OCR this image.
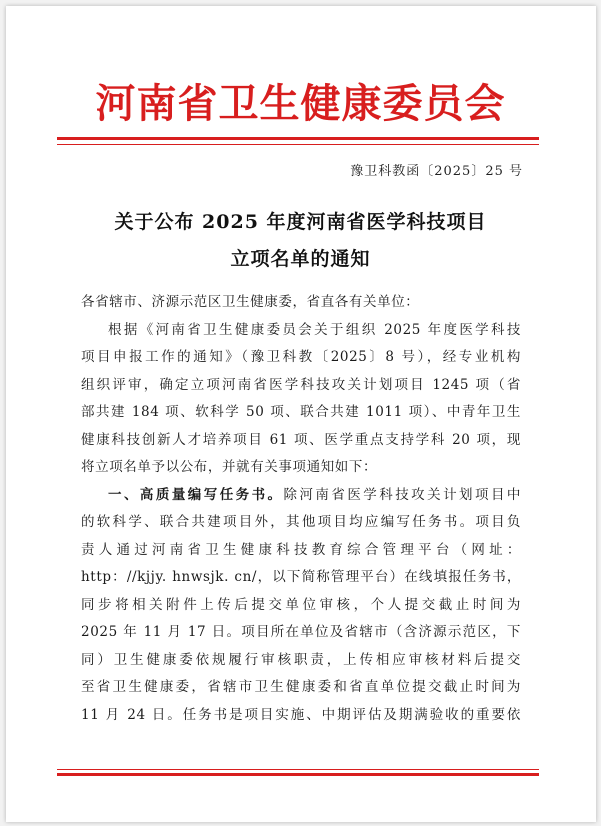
河南省卫生健康委员会
豫卫科教函〔2025〕25 号
关于公布 2025 年度河南省医学科技项目
立项名单的通知
各省辖市、济源示范区卫生健康委，省直各有关单位：
根据《河南省卫生健康委员会关于组织 2025 年度医学科技
项目申报工作的通知》（豫卫科教〔2025〕8 号），经专业机构
组织评审，确定立项河南省医学科技攻关计划项目 1245 项（省
部共建 184 项、软科学 50 项、联合共建 1011 项）、中青年卫生
健康科技创新人才培养项目 61 项、医学重点支持学科 20 项，现
将立项名单予以公布，并就有关事项通知如下：
一、高质量编写任务书。除河南省医学科技攻关计划项目中
的软科学、联合共建项目外，其他项目均应编写任务书。项目负
责人通过河南省卫生健康科技教育综合管理平台（网址：
http：//kjjy. hnwsjk. cn/，以下简称管理平台）在线填报任务书，
同步将相关附件上传后提交单位审核，个人提交截止时间为
2025 年 11 月 17 日。项目所在单位及省辖市（含济源示范区，下
同）卫生健康委依规履行审核职责，上传相应审核材料后提交
至省卫生健康委，省辖市卫生健康委和省直单位提交截止时间为
11 月 24 日。任务书是项目实施、中期评估及期满验收的重要依
